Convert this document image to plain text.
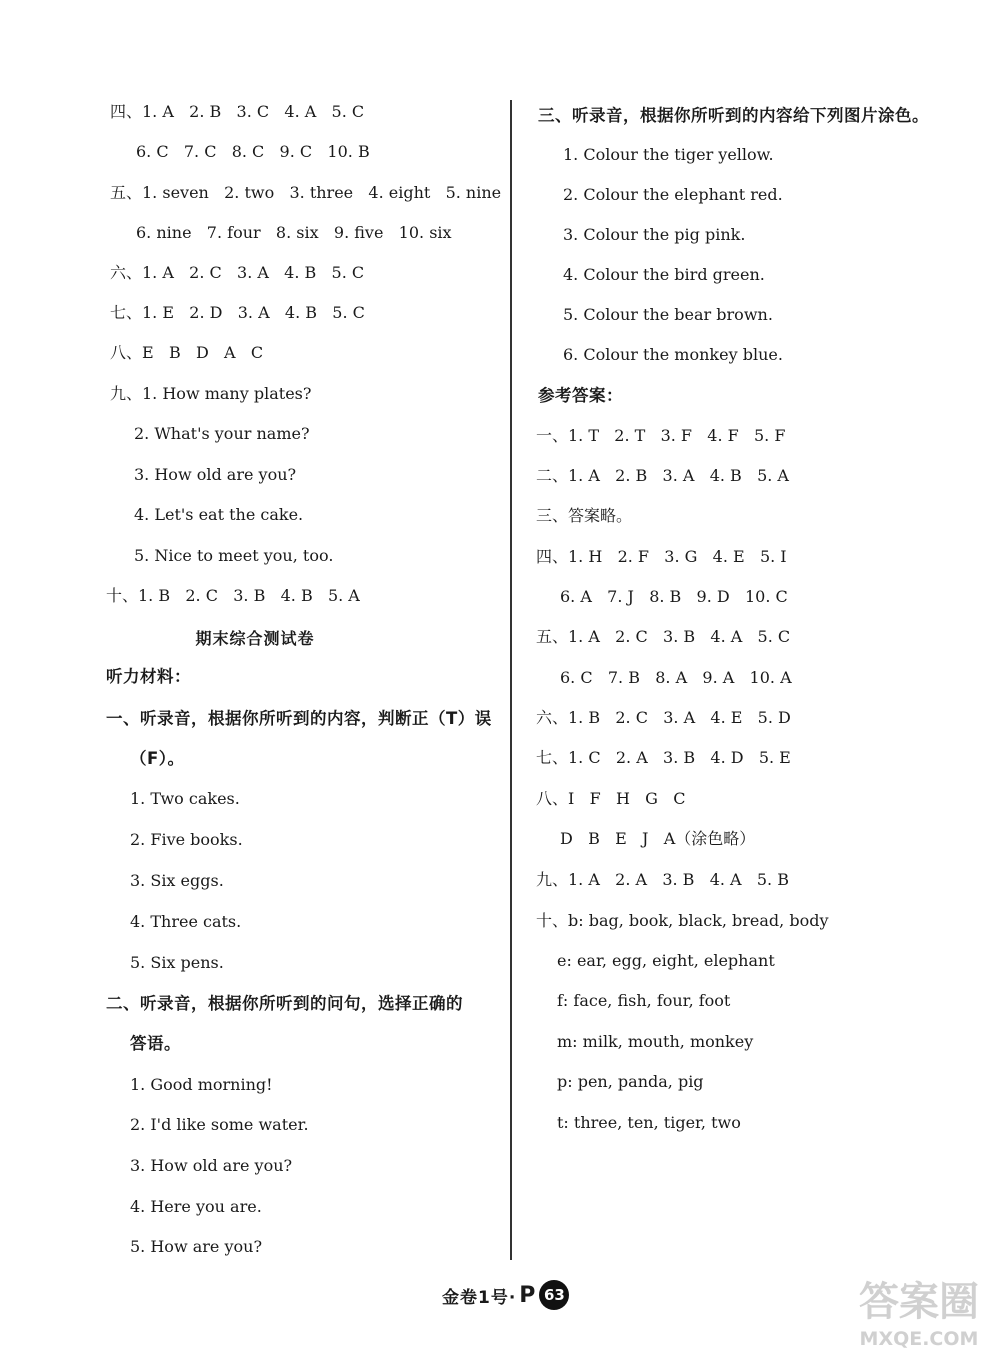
四、1. A   2. B   3. C   4. A   5. C
6. C   7. C   8. C   9. C   10. B
五、1. seven   2. two   3. three   4. eight   5. nine
6. nine   7. four   8. six   9. five   10. six
六、1. A   2. C   3. A   4. B   5. C
七、1. E   2. D   3. A   4. B   5. C
八、E   B   D   A   C
九、1. How many plates?
2. What's your name?
3. How old are you?
4. Let's eat the cake.
5. Nice to meet you, too.
十、1. B   2. C   3. B   4. B   5. A
期末综合测试卷
听力材料：
一、听录音，根据你所听到的内容，判断正（T）误
（F）。
1. Two cakes.
2. Five books.
3. Six eggs.
4. Three cats.
5. Six pens.
二、听录音，根据你所听到的问句，选择正确的
答语。
1. Good morning!
2. I'd like some water.
3. How old are you?
4. Here you are.
5. How are you?
三、听录音，根据你所听到的内容给下列图片涂色。
1. Colour the tiger yellow.
2. Colour the elephant red.
3. Colour the pig pink.
4. Colour the bird green.
5. Colour the bear brown.
6. Colour the monkey blue.
参考答案：
一、1. T   2. T   3. F   4. F   5. F
二、1. A   2. B   3. A   4. B   5. A
三、答案略。
四、1. H   2. F   3. G   4. E   5. I
6. A   7. J   8. B   9. D   10. C
五、1. A   2. C   3. B   4. A   5. C
6. C   7. B   8. A   9. A   10. A
六、1. B   2. C   3. A   4. E   5. D
七、1. C   2. A   3. B   4. D   5. E
八、I   F   H   G   C
D   B   E   J   A（涂色略）
九、1. A   2. A   3. B   4. A   5. B
十、b: bag, book, black, bread, body
e: ear, egg, eight, elephant
f: face, fish, four, foot
m: milk, mouth, monkey
p: pen, panda, pig
t: three, ten, tiger, two
金卷1号· P 63	答案圈
MXQE.COM
